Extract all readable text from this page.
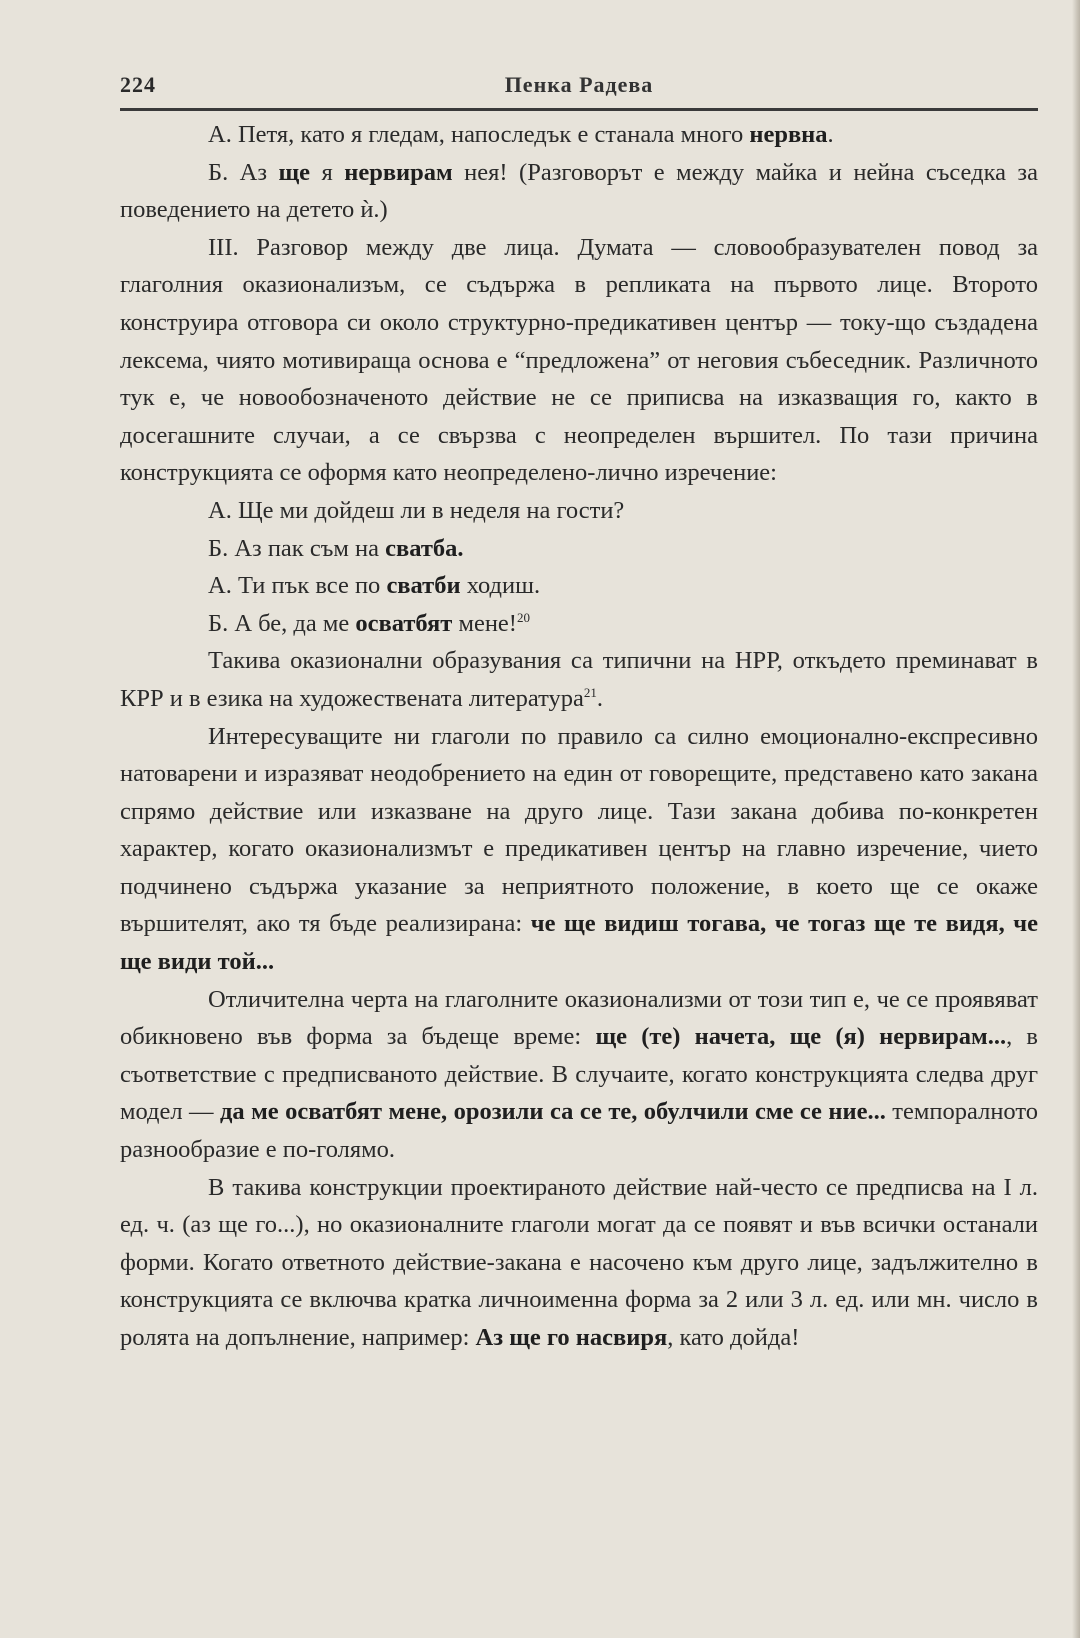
224	Пенка Радева

А. Петя, като я гледам, напоследък е станала много нервна.

Б. Аз ще я нервирам нея! (Разговорът е между майка и нейна съседка за поведението на детето ѝ.)

III. Разговор между две лица. Думата — словообразувателен повод за глаголния оказионализъм, се съдържа в репликата на първото лице. Второто конструира отговора си около структурно-предикативен център — току-що създадена лексема, чиято мотивираща основа е “предложена” от неговия събеседник. Различното тук е, че новообозначеното действие не се приписва на изказващия го, както в досегашните случаи, а се свързва с неопределен вършител. По тази причина конструкцията се оформя като неопределено-лично изречение:

А. Ще ми дойдеш ли в неделя на гости?

Б. Аз пак съм на сватба.

А. Ти пък все по сватби ходиш.

Б. А бе, да ме осватбят мене!$^{20}$

Такива оказионални образувания са типични на НРР, откъдето преминават в КРР и в езика на художествената литература$^{21}$.

Интересуващите ни глаголи по правило са силно емоционално-експресивно натоварени и изразяват неодобрението на един от говорещите, представено като закана спрямо действие или изказване на друго лице. Тази закана добива по-конкретен характер, когато оказионализмът е предикативен център на главно изречение, чието подчинено съдържа указание за неприятното положение, в което ще се окаже вършителят, ако тя бъде реализирана: че ще видиш тогава, че тогаз ще те видя, че ще види той...

Отличителна черта на глаголните оказионализми от този тип е, че се проявяват обикновено във форма за бъдеще време: ще (те) начета, ще (я) нервирам..., в съответствие с предписваното действие. В случаите, когато конструкцията следва друг модел — да ме осватбят мене, орозили са се те, обулчили сме се ние... темпоралното разнообразие е по-голямо.

В такива конструкции проектираното действие най-често се предписва на I л. ед. ч. (аз ще го...), но оказионалните глаголи могат да се появят и във всички останали форми. Когато ответното действие-закана е насочено към друго лице, задължително в конструкцията се включва кратка личноименна форма за 2 или 3 л. ед. или мн. число в ролята на допълнение, например: Аз ще го насвиря, като дойда!
